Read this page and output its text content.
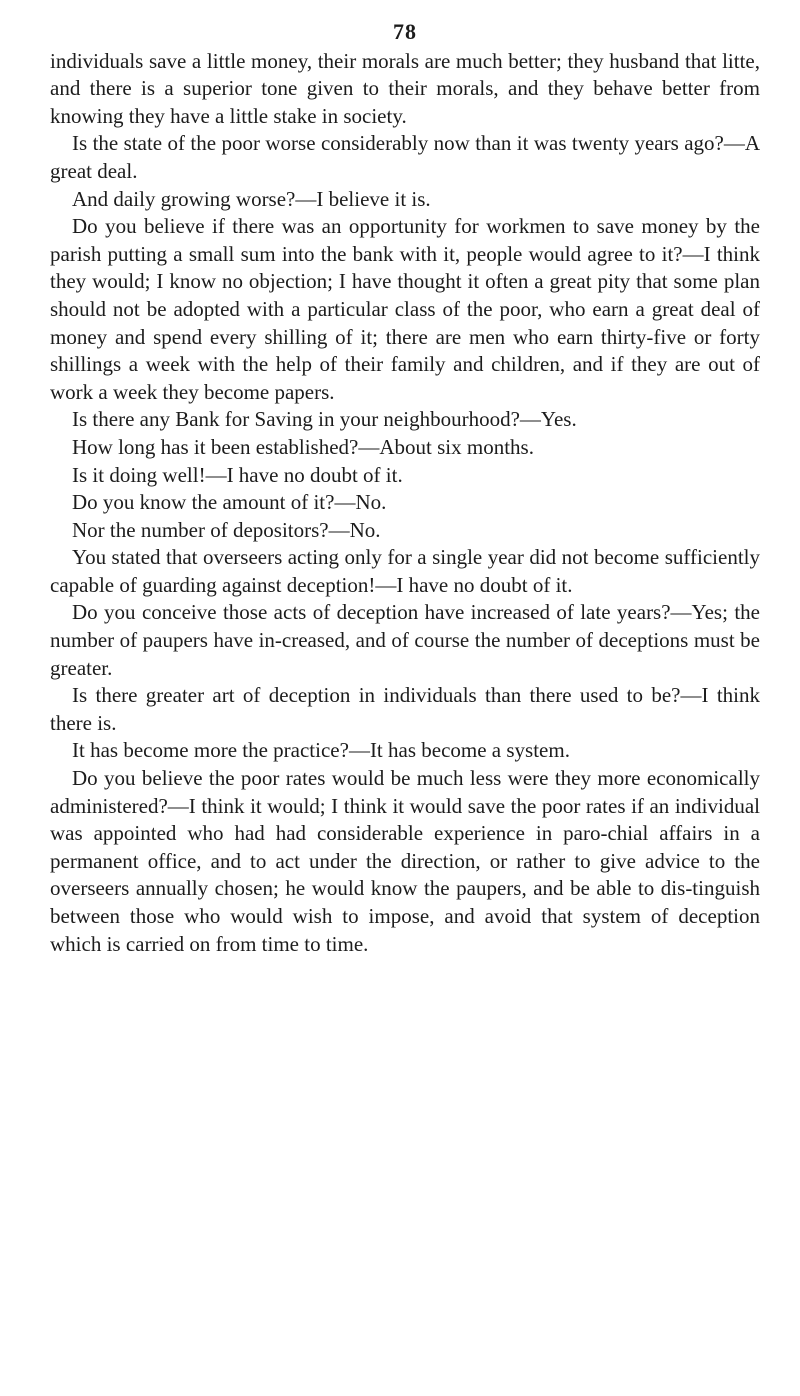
78

individuals save a little money, their morals are much better; they husband that litte, and there is a superior tone given to their morals, and they behave better from knowing they have a little stake in society.

Is the state of the poor worse considerably now than it was twenty years ago?—A great deal.

And daily growing worse?—I believe it is.

Do you believe if there was an opportunity for workmen to save money by the parish putting a small sum into the bank with it, people would agree to it?—I think they would; I know no objection; I have thought it often a great pity that some plan should not be adopted with a particular class of the poor, who earn a great deal of money and spend every shilling of it; there are men who earn thirty-five or forty shillings a week with the help of their family and children, and if they are out of work a week they become papers.

Is there any Bank for Saving in your neighbourhood?—Yes.

How long has it been established?—About six months.

Is it doing well!—I have no doubt of it.

Do you know the amount of it?—No.

Nor the number of depositors?—No.

You stated that overseers acting only for a single year did not become sufficiently capable of guarding against deception!—I have no doubt of it.

Do you conceive those acts of deception have increased of late years?—Yes; the number of paupers have in-creased, and of course the number of deceptions must be greater.

Is there greater art of deception in individuals than there used to be?—I think there is.

It has become more the practice?—It has become a system.

Do you believe the poor rates would be much less were they more economically administered?—I think it would; I think it would save the poor rates if an individual was appointed who had had considerable experience in paro-chial affairs in a permanent office, and to act under the direction, or rather to give advice to the overseers annually chosen; he would know the paupers, and be able to dis-tinguish between those who would wish to impose, and avoid that system of deception which is carried on from time to time.
